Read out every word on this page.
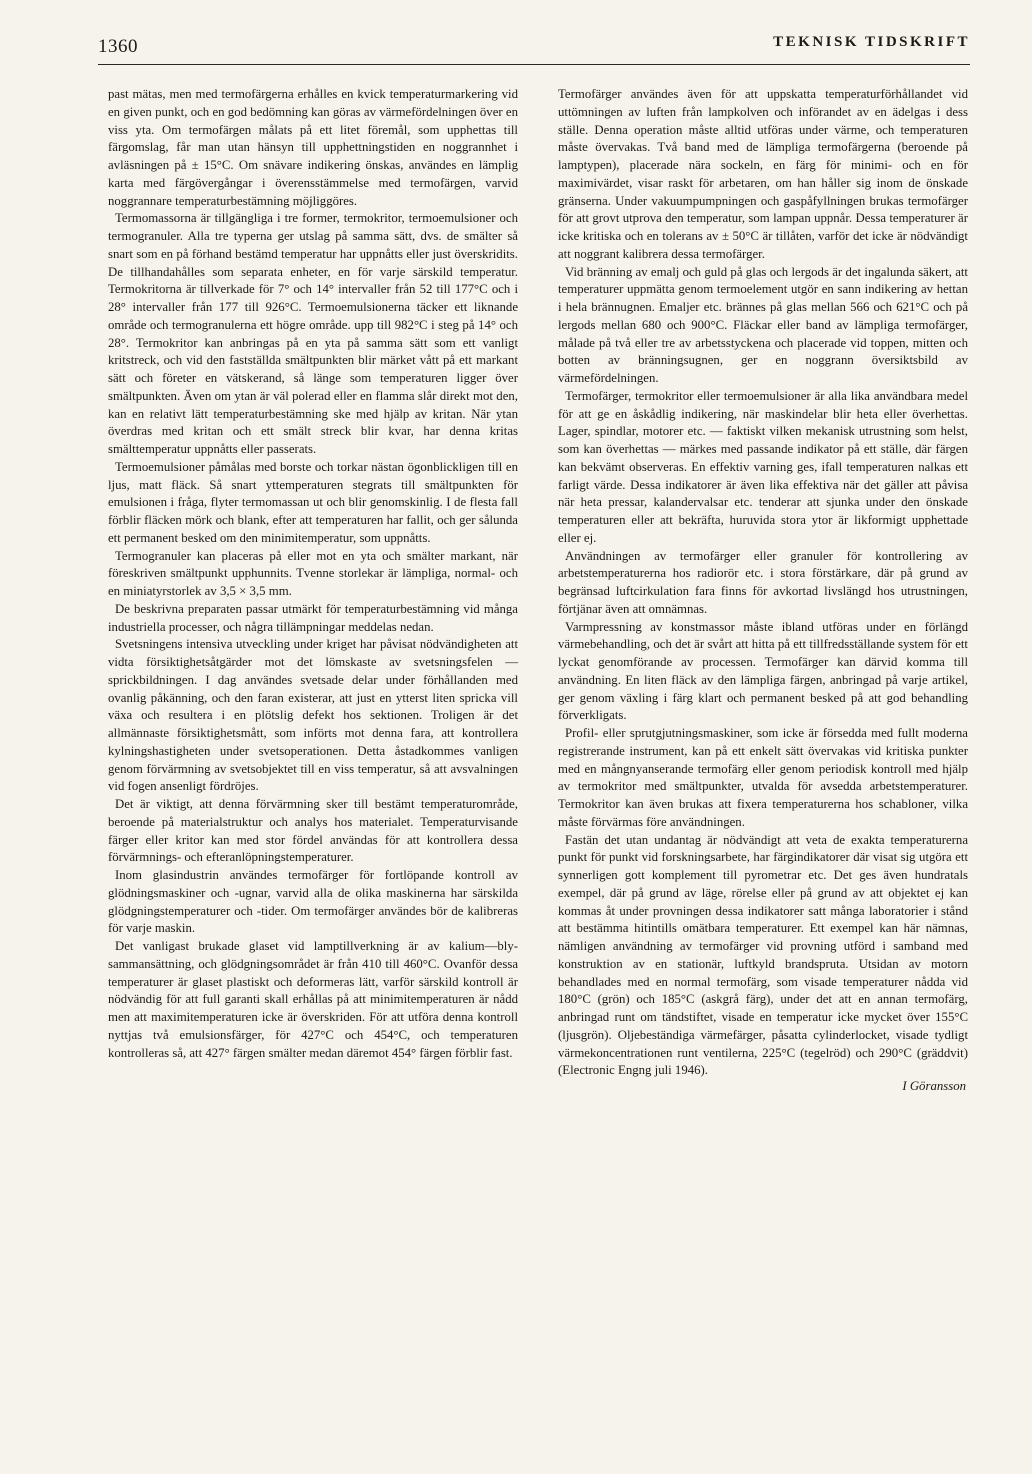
1360	TEKNISK TIDSKRIFT

past mätas, men med termofärgerna erhålles en kvick temperaturmarkering vid en given punkt, och en god bedömning kan göras av värmefördelningen över en viss yta. Om termofärgen målats på ett litet föremål, som upphettas till färgomslag, får man utan hänsyn till upphettningstiden en noggrannhet i avläsningen på ± 15°C. Om snävare indikering önskas, användes en lämplig karta med färgövergångar i överensstämmelse med termofärgen, varvid noggrannare temperaturbestämning möjliggöres.

Termomassorna är tillgängliga i tre former, termokritor, termoemulsioner och termogranuler. Alla tre typerna ger utslag på samma sätt, dvs. de smälter så snart som en på förhand bestämd temperatur har uppnåtts eller just överskridits. De tillhandahålles som separata enheter, en för varje särskild temperatur. Termokritorna är tillverkade för 7° och 14° intervaller från 52 till 177°C och i 28° intervaller från 177 till 926°C. Termoemulsionerna täcker ett liknande område och termogranulerna ett högre område. upp till 982°C i steg på 14° och 28°. Termokritor kan anbringas på en yta på samma sätt som ett vanligt kritstreck, och vid den fastställda smältpunkten blir märket vått på ett markant sätt och företer en vätskerand, så länge som temperaturen ligger över smältpunkten. Även om ytan är väl polerad eller en flamma slår direkt mot den, kan en relativt lätt temperaturbestämning ske med hjälp av kritan. När ytan överdras med kritan och ett smält streck blir kvar, har denna kritas smälttemperatur uppnåtts eller passerats.

Termoemulsioner påmålas med borste och torkar nästan ögonblickligen till en ljus, matt fläck. Så snart yttemperaturen stegrats till smältpunkten för emulsionen i fråga, flyter termomassan ut och blir genomskinlig. I de flesta fall förblir fläcken mörk och blank, efter att temperaturen har fallit, och ger sålunda ett permanent besked om den minimitemperatur, som uppnåtts.

Termogranuler kan placeras på eller mot en yta och smälter markant, när föreskriven smältpunkt upphunnits. Tvenne storlekar är lämpliga, normal- och en miniatyrstorlek av 3,5 × 3,5 mm.

De beskrivna preparaten passar utmärkt för temperaturbestämning vid många industriella processer, och några tillämpningar meddelas nedan.

Svetsningens intensiva utveckling under kriget har påvisat nödvändigheten att vidta försiktighetsåtgärder mot det lömskaste av svetsningsfelen — sprickbildningen. I dag användes svetsade delar under förhållanden med ovanlig påkänning, och den faran existerar, att just en ytterst liten spricka vill växa och resultera i en plötslig defekt hos sektionen. Troligen är det allmännaste försiktighetsmått, som införts mot denna fara, att kontrollera kylningshastigheten under svetsoperationen. Detta åstadkommes vanligen genom förvärmning av svetsobjektet till en viss temperatur, så att avsvalningen vid fogen ansenligt fördröjes.

Det är viktigt, att denna förvärmning sker till bestämt temperaturområde, beroende på materialstruktur och analys hos materialet. Temperaturvisande färger eller kritor kan med stor fördel användas för att kontrollera dessa förvärmnings- och efteranlöpningstemperaturer.

Inom glasindustrin användes termofärger för fortlöpande kontroll av glödningsmaskiner och -ugnar, varvid alla de olika maskinerna har särskilda glödgningstemperaturer och -tider. Om termofärger användes bör de kalibreras för varje maskin.

Det vanligast brukade glaset vid lamptillverkning är av kalium—bly-sammansättning, och glödgningsområdet är från 410 till 460°C. Ovanför dessa temperaturer är glaset plastiskt och deformeras lätt, varför särskild kontroll är nödvändig för att full garanti skall erhållas på att minimitemperaturen är nådd men att maximitemperaturen icke är överskriden. För att utföra denna kontroll nyttjas två emulsionsfärger, för 427°C och 454°C, och temperaturen kontrolleras så, att 427° färgen smälter medan däremot 454° färgen förblir fast.

Termofärger användes även för att uppskatta temperaturförhållandet vid uttömningen av luften från lampkolven och införandet av en ädelgas i dess ställe. Denna operation måste alltid utföras under värme, och temperaturen måste övervakas. Två band med de lämpliga termofärgerna (beroende på lamptypen), placerade nära sockeln, en färg för minimi- och en för maximivärdet, visar raskt för arbetaren, om han håller sig inom de önskade gränserna. Under vakuumpumpningen och gaspåfyllningen brukas termofärger för att grovt utprova den temperatur, som lampan uppnår. Dessa temperaturer är icke kritiska och en tolerans av ± 50°C är tillåten, varför det icke är nödvändigt att noggrant kalibrera dessa termofärger.

Vid bränning av emalj och guld på glas och lergods är det ingalunda säkert, att temperaturer uppmätta genom termoelement utgör en sann indikering av hettan i hela brännugnen. Emaljer etc. brännes på glas mellan 566 och 621°C och på lergods mellan 680 och 900°C. Fläckar eller band av lämpliga termofärger, målade på två eller tre av arbetsstyckena och placerade vid toppen, mitten och botten av bränningsugnen, ger en noggrann översiktsbild av värmefördelningen.

Termofärger, termokritor eller termoemulsioner är alla lika användbara medel för att ge en åskådlig indikering, när maskindelar blir heta eller överhettas. Lager, spindlar, motorer etc. — faktiskt vilken mekanisk utrustning som helst, som kan överhettas — märkes med passande indikator på ett ställe, där färgen kan bekvämt observeras. En effektiv varning ges, ifall temperaturen nalkas ett farligt värde. Dessa indikatorer är även lika effektiva när det gäller att påvisa när heta pressar, kalandervalsar etc. tenderar att sjunka under den önskade temperaturen eller att bekräfta, huruvida stora ytor är likformigt upphettade eller ej.

Användningen av termofärger eller granuler för kontrollering av arbetstemperaturerna hos radiorör etc. i stora förstärkare, där på grund av begränsad luftcirkulation fara finns för avkortad livslängd hos utrustningen, förtjänar även att omnämnas.

Varmpressning av konstmassor måste ibland utföras under en förlängd värmebehandling, och det är svårt att hitta på ett tillfredsställande system för ett lyckat genomförande av processen. Termofärger kan därvid komma till användning. En liten fläck av den lämpliga färgen, anbringad på varje artikel, ger genom växling i färg klart och permanent besked på att god behandling förverkligats.

Profil- eller sprutgjutningsmaskiner, som icke är försedda med fullt moderna registrerande instrument, kan på ett enkelt sätt övervakas vid kritiska punkter med en mångnyanserande termofärg eller genom periodisk kontroll med hjälp av termokritor med smältpunkter, utvalda för avsedda arbetstemperaturer. Termokritor kan även brukas att fixera temperaturerna hos schabloner, vilka måste förvärmas före användningen.

Fastän det utan undantag är nödvändigt att veta de exakta temperaturerna punkt för punkt vid forskningsarbete, har färgindikatorer där visat sig utgöra ett synnerligen gott komplement till pyrometrar etc. Det ges även hundratals exempel, där på grund av läge, rörelse eller på grund av att objektet ej kan kommas åt under provningen dessa indikatorer satt många laboratorier i stånd att bestämma hitintills omätbara temperaturer. Ett exempel kan här nämnas, nämligen användning av termofärger vid provning utförd i samband med konstruktion av en stationär, luftkyld brandspruta. Utsidan av motorn behandlades med en normal termofärg, som visade temperaturer nådda vid 180°C (grön) och 185°C (askgrå färg), under det att en annan termofärg, anbringad runt om tändstiftet, visade en temperatur icke mycket över 155°C (ljusgrön). Oljebeständiga värmefärger, påsatta cylinderlocket, visade tydligt värmekoncentrationen runt ventilerna, 225°C (tegelröd) och 290°C (gräddvit) (Electronic Engng juli 1946).

I Göransson
